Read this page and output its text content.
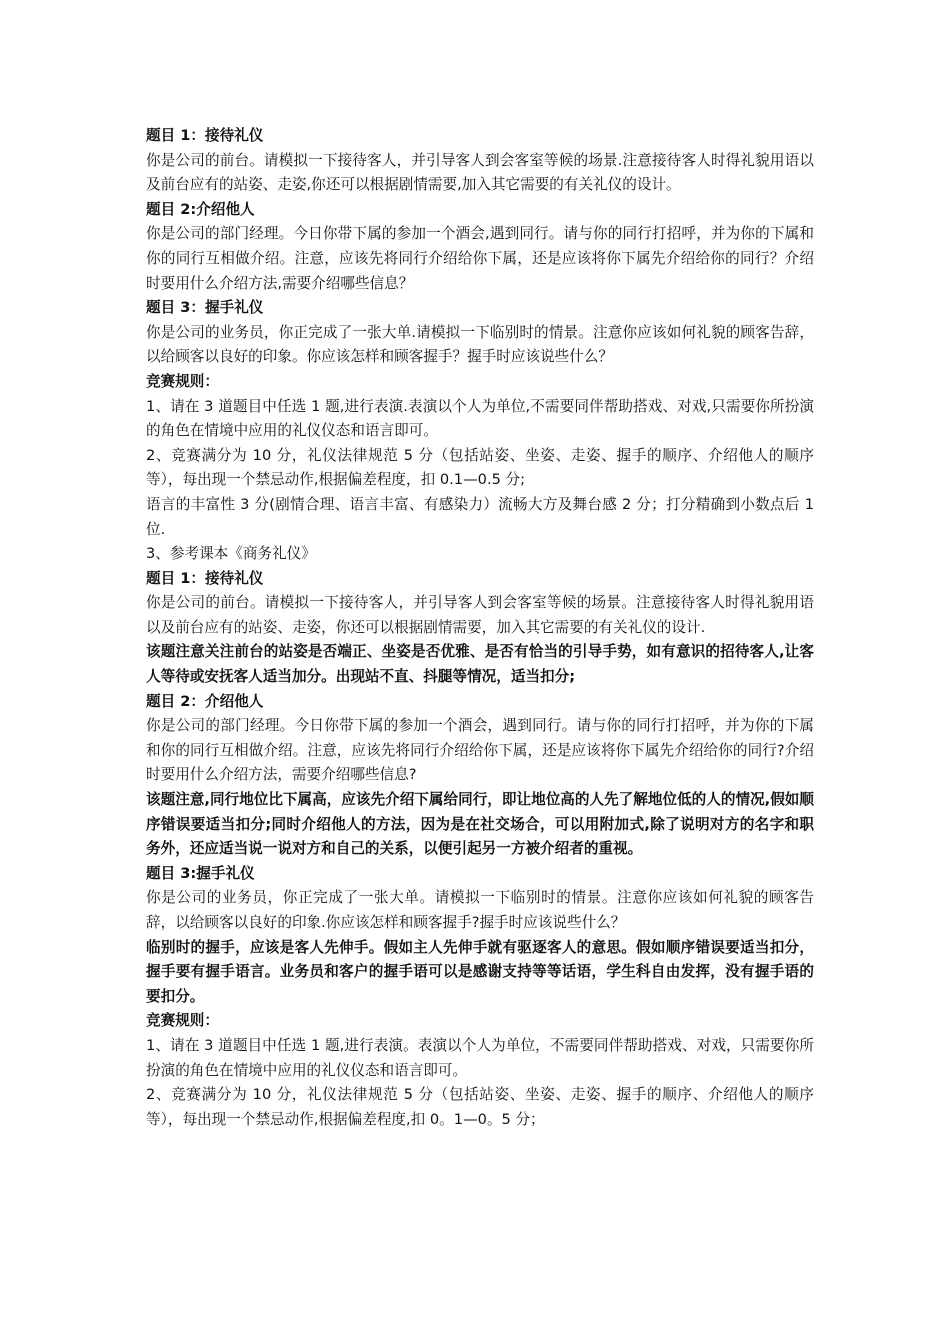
题目 1：接待礼仪

你是公司的前台。请模拟一下接待客人，并引导客人到会客室等候的场景.注意接待客人时得礼貌用语以及前台应有的站姿、走姿,你还可以根据剧情需要,加入其它需要的有关礼仪的设计。

题目 2:介绍他人

你是公司的部门经理。今日你带下属的参加一个酒会,遇到同行。请与你的同行打招呼，并为你的下属和你的同行互相做介绍。注意，应该先将同行介绍给你下属，还是应该将你下属先介绍给你的同行？介绍时要用什么介绍方法,需要介绍哪些信息？

题目 3：握手礼仪

你是公司的业务员，你正完成了一张大单.请模拟一下临别时的情景。注意你应该如何礼貌的顾客告辞，以给顾客以良好的印象。你应该怎样和顾客握手？握手时应该说些什么？

竞赛规则：

1、请在 3 道题目中任选 1 题,进行表演.表演以个人为单位,不需要同伴帮助搭戏、对戏,只需要你所扮演的角色在情境中应用的礼仪仪态和语言即可。

2、竞赛满分为 10 分，礼仪法律规范 5 分（包括站姿、坐姿、走姿、握手的顺序、介绍他人的顺序等），每出现一个禁忌动作,根据偏差程度，扣 0.1—0.5 分;

语言的丰富性 3 分(剧情合理、语言丰富、有感染力）流畅大方及舞台感 2 分；打分精确到小数点后 1 位.

3、参考课本《商务礼仪》

题目 1：接待礼仪

你是公司的前台。请模拟一下接待客人，并引导客人到会客室等候的场景。注意接待客人时得礼貌用语以及前台应有的站姿、走姿，你还可以根据剧情需要，加入其它需要的有关礼仪的设计.

该题注意关注前台的站姿是否端正、坐姿是否优雅、是否有恰当的引导手势，如有意识的招待客人,让客人等待或安抚客人适当加分。出现站不直、抖腿等情况，适当扣分;

题目 2：介绍他人

你是公司的部门经理。今日你带下属的参加一个酒会，遇到同行。请与你的同行打招呼，并为你的下属和你的同行互相做介绍。注意，应该先将同行介绍给你下属，还是应该将你下属先介绍给你的同行?介绍时要用什么介绍方法，需要介绍哪些信息?

该题注意,同行地位比下属高，应该先介绍下属给同行，即让地位高的人先了解地位低的人的情况,假如顺序错误要适当扣分;同时介绍他人的方法，因为是在社交场合，可以用附加式,除了说明对方的名字和职务外，还应适当说一说对方和自己的关系，以便引起另一方被介绍者的重视。

题目 3:握手礼仪

你是公司的业务员，你正完成了一张大单。请模拟一下临别时的情景。注意你应该如何礼貌的顾客告辞，以给顾客以良好的印象.你应该怎样和顾客握手?握手时应该说些什么？

临别时的握手，应该是客人先伸手。假如主人先伸手就有驱逐客人的意思。假如顺序错误要适当扣分，握手要有握手语言。业务员和客户的握手语可以是感谢支持等等话语，学生科自由发挥，没有握手语的要扣分。

竞赛规则：

1、请在 3 道题目中任选 1 题,进行表演。表演以个人为单位，不需要同伴帮助搭戏、对戏，只需要你所扮演的角色在情境中应用的礼仪仪态和语言即可。

2、竞赛满分为 10 分，礼仪法律规范 5 分（包括站姿、坐姿、走姿、握手的顺序、介绍他人的顺序等），每出现一个禁忌动作,根据偏差程度,扣 0。1—0。5 分；
